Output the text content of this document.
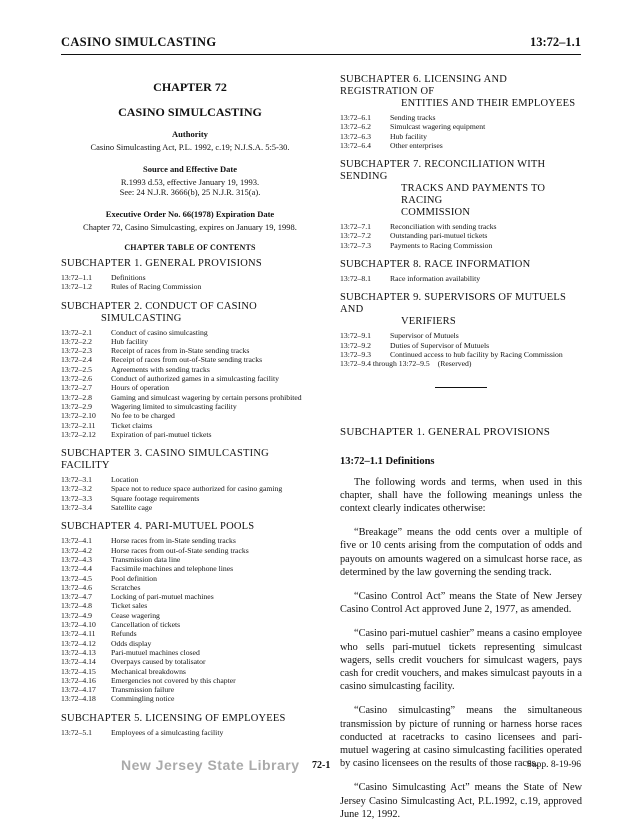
CASINO SIMULCASTING	13:72–1.1
CHAPTER 72
CASINO SIMULCASTING
Authority
Casino Simulcasting Act, P.L. 1992, c.19; N.J.S.A. 5:5-30.
Source and Effective Date
R.1993 d.53, effective January 19, 1993.
See: 24 N.J.R. 3666(b), 25 N.J.R. 315(a).
Executive Order No. 66(1978) Expiration Date
Chapter 72, Casino Simulcasting, expires on January 19, 1998.
CHAPTER TABLE OF CONTENTS
SUBCHAPTER 1. GENERAL PROVISIONS
13:72–1.1	Definitions
13:72–1.2	Rules of Racing Commission
SUBCHAPTER 2. CONDUCT OF CASINO
SIMULCASTING
13:72–2.1	Conduct of casino simulcasting
13:72–2.2	Hub facility
13:72–2.3	Receipt of races from in-State sending tracks
13:72–2.4	Receipt of races from out-of-State sending tracks
13:72–2.5	Agreements with sending tracks
13:72–2.6	Conduct of authorized games in a simulcasting facility
13:72–2.7	Hours of operation
13:72–2.8	Gaming and simulcast wagering by certain persons prohibited
13:72–2.9	Wagering limited to simulcasting facility
13:72–2.10	No fee to be charged
13:72–2.11	Ticket claims
13:72–2.12	Expiration of pari-mutuel tickets
SUBCHAPTER 3. CASINO SIMULCASTING FACILITY
13:72–3.1	Location
13:72–3.2	Space not to reduce space authorized for casino gaming
13:72–3.3	Square footage requirements
13:72–3.4	Satellite cage
SUBCHAPTER 4. PARI-MUTUEL POOLS
13:72–4.1	Horse races from in-State sending tracks
13:72–4.2	Horse races from out-of-State sending tracks
13:72–4.3	Transmission data line
13:72–4.4	Facsimile machines and telephone lines
13:72–4.5	Pool definition
13:72–4.6	Scratches
13:72–4.7	Locking of pari-mutuel machines
13:72–4.8	Ticket sales
13:72–4.9	Cease wagering
13:72–4.10	Cancellation of tickets
13:72–4.11	Refunds
13:72–4.12	Odds display
13:72–4.13	Pari-mutuel machines closed
13:72–4.14	Overpays caused by totalisator
13:72–4.15	Mechanical breakdowns
13:72–4.16	Emergencies not covered by this chapter
13:72–4.17	Transmission failure
13:72–4.18	Commingling notice
SUBCHAPTER 5. LICENSING OF EMPLOYEES
13:72–5.1	Employees of a simulcasting facility
SUBCHAPTER 6. LICENSING AND REGISTRATION OF
ENTITIES AND THEIR EMPLOYEES
13:72–6.1	Sending tracks
13:72–6.2	Simulcast wagering equipment
13:72–6.3	Hub facility
13:72–6.4	Other enterprises
SUBCHAPTER 7. RECONCILIATION WITH SENDING
TRACKS AND PAYMENTS TO RACING
COMMISSION
13:72–7.1	Reconciliation with sending tracks
13:72–7.2	Outstanding pari-mutuel tickets
13:72–7.3	Payments to Racing Commission
SUBCHAPTER 8. RACE INFORMATION
13:72–8.1	Race information availability
SUBCHAPTER 9. SUPERVISORS OF MUTUELS AND
VERIFIERS
13:72–9.1	Supervisor of Mutuels
13:72–9.2	Duties of Supervisor of Mutuels
13:72–9.3	Continued access to hub facility by Racing Commission
13:72–9.4 through 13:72–9.5 (Reserved)
SUBCHAPTER 1. GENERAL PROVISIONS
13:72–1.1 Definitions

The following words and terms, when used in this chapter, shall have the following meanings unless the context clearly indicates otherwise:

“Breakage” means the odd cents over a multiple of five or 10 cents arising from the computation of odds and payouts on amounts wagered on a simulcast horse race, as determined by the law governing the sending track.

“Casino Control Act” means the State of New Jersey Casino Control Act approved June 2, 1977, as amended.

“Casino pari-mutuel cashier” means a casino employee who sells pari-mutuel tickets representing simulcast wagers, sells credit vouchers for simulcast wagers, pays cash for credit vouchers, and makes simulcast payouts in a casino simulcasting facility.

“Casino simulcasting” means the simultaneous transmission by picture of running or harness horse races conducted at racetracks to casino licensees and pari-mutuel wagering at casino simulcasting facilities operated by casino licensees on the results of those races.

“Casino Simulcasting Act” means the State of New Jersey Casino Simulcasting Act, P.L.1992, c.19, approved June 12, 1992.

New Jersey State Library 72-1	Supp. 8-19-96
